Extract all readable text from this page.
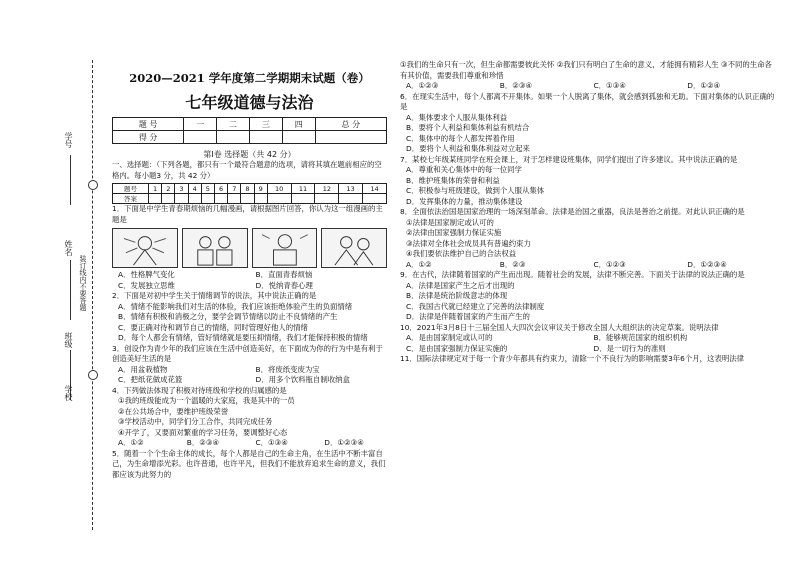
学号
姓名
班级
学校
装订线内不要答题
2020—2021 学年度第二学期期末试题（卷）
七年级道德与法治
题 号	一	二	三	四	总 分
得 分					
第Ⅰ卷 选择题（共 42 分）

一、选择题：（下列各题，都只有一个最符合题意的选项，请将其填在题前相应的空格内。每小题3 分，共 42 分）

题号	1	2	3	4	5	6	7	8	9	10	11	12	13	14
答案														

1．下面是中学生青春期烦恼的几幅漫画，请根据图片回答，你认为这一组漫画的主题是

A．性格脾气变化	B．直面青春烦恼
C．发展独立思维	D．悦纳青春心理

2．下面是对初中学生关于情绪调节的说法，其中说法正确的是

A．情绪不能影响我们对生活的体验，我们应该拒绝体验产生的负面情绪

B．情绪有积极和消极之分，要学会调节情绪以防止不良情绪的产生

C．要正确对待和调节自己的情绪，同时管理好他人的情绪

D．每个人都会有情绪，管好情绪就是要压抑情绪，我们才能保持积极的情绪

3．创设作为青少年的我们应该在生活中创造美好，在下面成为你的行为中是有利于创造美好生活的是

A．用盆栽植物	B．将废纸变废为宝
C．把纸花做成花篮	D．用多个饮料瓶自制收纳盒

4．下列做法体现了积极对待班级和学校的归属感的是

①我的班级能成为一个温暖的大家庭，我是其中的一员

②在公共场合中，要维护班级荣誉

③学校活动中，同学们分工合作，共同完成任务

④开学了，又要面对繁重的学习任务，要调整好心态

A．①②	B．②③④	C．①③④	D．①②③④

5．随着一个个生命主体的成长，每个人都是自己的生命主角，在生活中不断丰富自己，为生命增添光彩。也许普通，也许平凡，但我们不能放弃追求生命的意义，我们都应该为此努力的

①我们的生命只有一次，但生命都需要彼此关怀 ②我们只有明白了生命的意义，才能拥有精彩人生 ③不同的生命各有其价值，需要我们尊重和珍惜

A．①②③	B．②③④	C．①③④	D．①②④

6．在现实生活中，每个人都离不开集体。如果一个人脱离了集体，就会感到孤独和无助。下面对集体的认识正确的是

A．集体要求个人服从集体利益

B．要将个人利益和集体利益有机结合

C．集体中的每个人都发挥着作用

D．要将个人利益和集体利益对立起来

7．某校七年级某班同学在班会课上，对于怎样建设班集体，同学们提出了许多建议。其中说法正确的是

A．尊重和关心集体中的每一位同学

B．维护班集体的荣誉和利益

C．积极参与班级建设，做到个人服从集体

D．发挥集体的力量，推动集体建设

8．全面依法治国是国家治理的一场深刻革命。法律是治国之重器，良法是善治之前提。对此认识正确的是

①法律是国家制定或认可的

②法律由国家强制力保证实施

③法律对全体社会成员具有普遍约束力

④我们要依法维护自己的合法权益

A．①②	B．②③	C．①②③	D．①②③④

9．在古代，法律随着国家的产生而出现。随着社会的发展，法律不断完善。下面关于法律的说法正确的是

A．法律是国家产生之后才出现的

B．法律是统治阶级意志的体现

C．我国古代就已经建立了完善的法律制度

D．法律是伴随着国家的产生而产生的

10．2021年3月8日十三届全国人大四次会议审议关于修改全国人大组织法的决定草案。说明法律

A．是由国家制定或认可的	B．能够规范国家的组织机构
C．是由国家强制力保证实施的	D．是一切行为的准则

11．国际法律规定对于每一个青少年都具有约束力，清除一个不良行为的影响需要3年6个月，这表明法律
